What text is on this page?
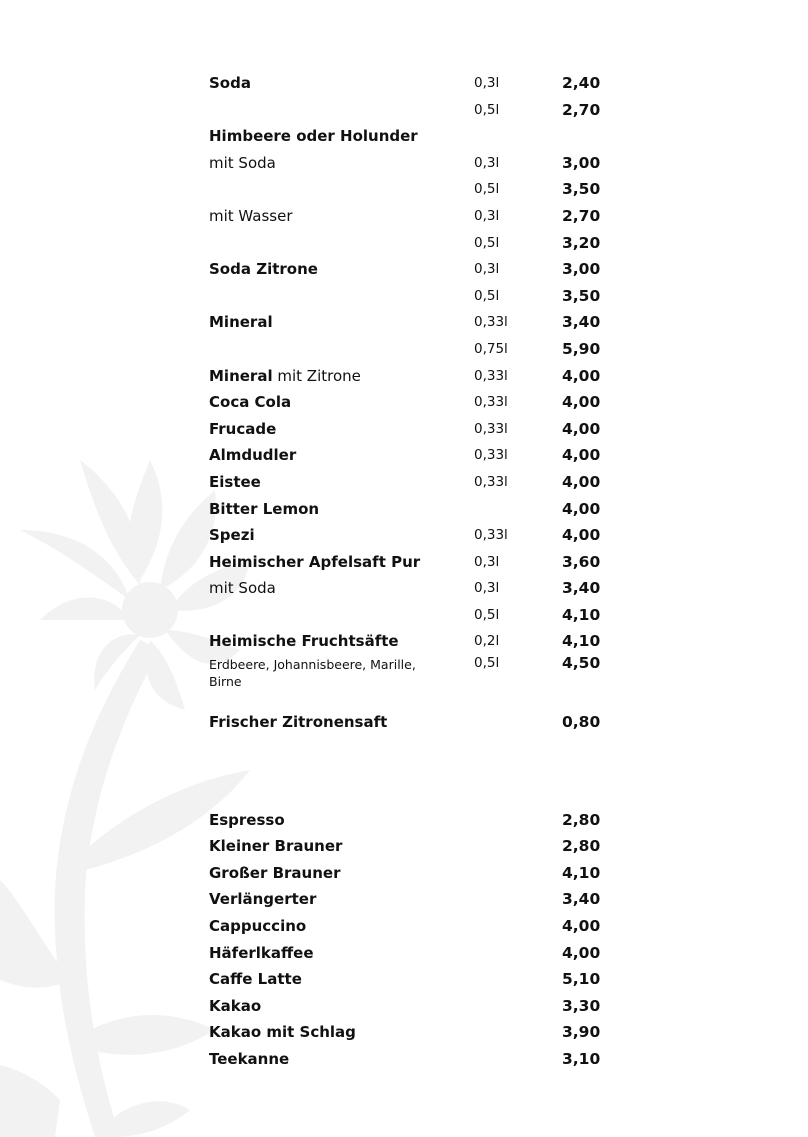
Soda	0,3l	2,40
0,5l	2,70
Himbeere oder Holunder
mit Soda	0,3l	3,00
0,5l	3,50
mit Wasser	0,3l	2,70
0,5l	3,20
Soda Zitrone	0,3l	3,00
0,5l	3,50
Mineral	0,33l	3,40
0,75l	5,90
Mineral mit Zitrone	0,33l	4,00
Coca Cola	0,33l	4,00
Frucade	0,33l	4,00
Almdudler	0,33l	4,00
Eistee	0,33l	4,00
Bitter Lemon	4,00
Spezi	0,33l	4,00
Heimischer Apfelsaft Pur	0,3l	3,60
mit Soda	0,3l	3,40
0,5l	4,10
Heimische Fruchtsäfte	0,2l	4,10
Erdbeere, Johannisbeere, Marille, Birne
0,5l	4,50
Frischer Zitronensaft	0,80
Espresso	2,80
Kleiner Brauner	2,80
Großer Brauner	4,10
Verlängerter	3,40
Cappuccino	4,00
Häferlkaffee	4,00
Caffe Latte	5,10
Kakao	3,30
Kakao mit Schlag	3,90
Teekanne	3,10
